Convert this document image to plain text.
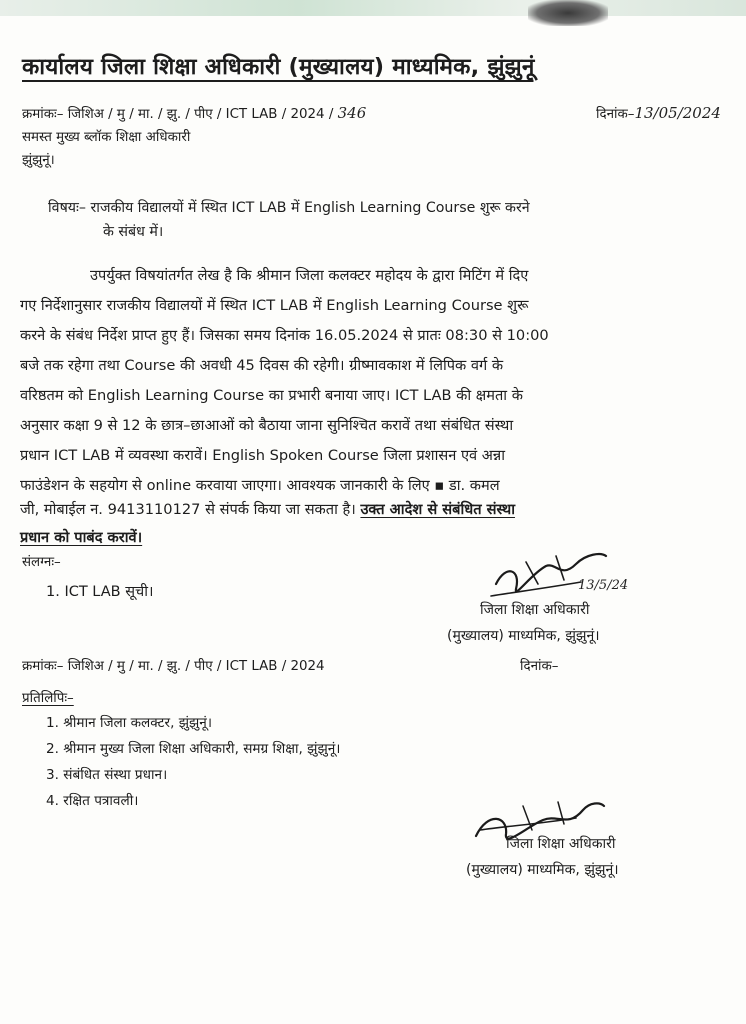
कार्यालय जिला शिक्षा अधिकारी (मुख्यालय) माध्यमिक, झुंझुनूं
क्रमांकः– जिशिअ / मु / मा. / झु. / पीए / ICT LAB / 2024 / 346	दिनांक–13/05/2024
समस्त मुख्य ब्लॉक शिक्षा अधिकारी
झुंझुनूं।
विषयः– राजकीय विद्यालयों में स्थित ICT LAB में English Learning Course शुरू करने
के संबंध में।
उपर्युक्त विषयांतर्गत लेख है कि श्रीमान जिला कलक्टर महोदय के द्वारा मिटिंग में दिए
गए निर्देशानुसार राजकीय विद्यालयों में स्थित ICT LAB में English Learning Course शुरू
करने के संबंध निर्देश प्राप्त हुए हैं। जिसका समय दिनांक 16.05.2024 से प्रातः 08:30 से 10:00
बजे तक रहेगा तथा Course की अवधी 45 दिवस की रहेगी। ग्रीष्मावकाश में लिपिक वर्ग के
वरिष्ठतम को English Learning Course का प्रभारी बनाया जाए। ICT LAB की क्षमता के
अनुसार कक्षा 9 से 12 के छात्र–छाआओं को बैठाया जाना सुनिश्चित करावें तथा संबंधित संस्था
प्रधान ICT LAB में व्यवस्था करावें। English Spoken Course जिला प्रशासन एवं अन्ना
फाउंडेशन के सहयोग से online करवाया जाएगा। आवश्यक जानकारी के लिए ▪ डा. कमल
जी, मोबाईल न. 9413110127 से संपर्क किया जा सकता है। उक्त आदेश से संबंधित संस्था
प्रधान को पाबंद करावें।
संलग्नः–
1. ICT LAB सूची।	13/5/24
जिला शिक्षा अधिकारी
(मुख्यालय) माध्यमिक, झुंझुनूं।
क्रमांकः– जिशिअ / मु / मा. / झु. / पीए / ICT LAB / 2024	दिनांक–
प्रतिलिपिः–
1. श्रीमान जिला कलक्टर, झुंझुनूं।
2. श्रीमान मुख्य जिला शिक्षा अधिकारी, समग्र शिक्षा, झुंझुनूं।
3. संबंधित संस्था प्रधान।
4. रक्षित पत्रावली।
जिला शिक्षा अधिकारी
(मुख्यालय) माध्यमिक, झुंझुनूं।
